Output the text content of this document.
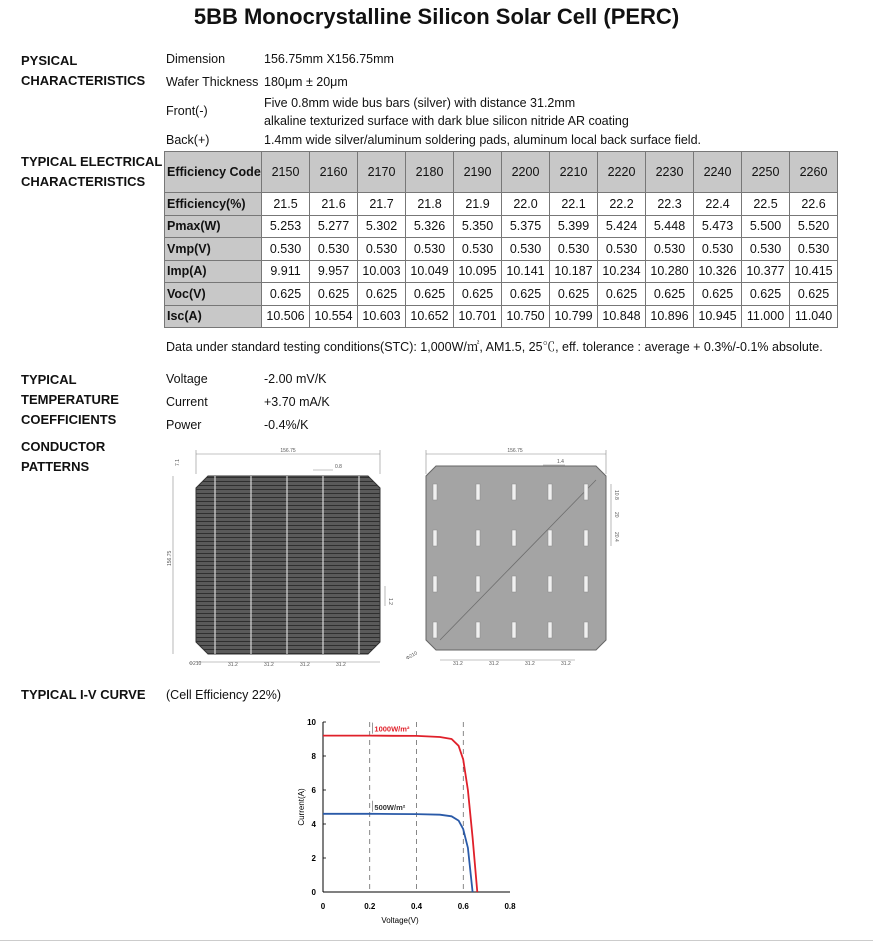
5BB Monocrystalline Silicon Solar Cell (PERC)
PYSICAL
CHARACTERISTICS
Dimension	156.75mm X156.75mm
Wafer Thickness 180μm ± 20μm
Front(-)
Five 0.8mm wide bus bars (silver) with distance 31.2mm
alkaline texturized surface with dark blue silicon nitride AR coating
Back(+)	1.4mm wide silver/aluminum soldering pads, aluminum local back surface field.
TYPICAL ELECTRICAL
CHARACTERISTICS
Efficiency Code	2150	2160	2170	2180	2190	2200	2210	2220	2230	2240	2250	2260
Efficiency(%)	21.5	21.6	21.7	21.8	21.9	22.0	22.1	22.2	22.3	22.4	22.5	22.6
Pmax(W)	5.253	5.277	5.302	5.326	5.350	5.375	5.399	5.424	5.448	5.473	5.500	5.520
Vmp(V)	0.530	0.530	0.530	0.530	0.530	0.530	0.530	0.530	0.530	0.530	0.530	0.530
Imp(A)	9.911	9.957	10.003	10.049	10.095	10.141	10.187	10.234	10.280	10.326	10.377	10.415
Voc(V)	0.625	0.625	0.625	0.625	0.625	0.625	0.625	0.625	0.625	0.625	0.625	0.625
Isc(A)	10.506	10.554	10.603	10.652	10.701	10.750	10.799	10.848	10.896	10.945	11.000	11.040
Data under standard testing conditions(STC): 1,000W/㎡, AM1.5, 25℃, eff. tolerance : average + 0.3%/-0.1% absolute.
TYPICAL
TEMPERATURE
COEFFICIENTS
Voltage	-2.00 mV/K
Current	+3.70 mA/K
Power	-0.4%/K
CONDUCTOR
PATTERNS
156.75
0.8
156.75
7.1
1.2
Φ210	31.2	31.2	31.2	31.2
156.75
1.4
10.8
20
20.4
Φ210
31.2	31.2	31.2	31.2
TYPICAL I-V CURVE (Cell Efficiency 22%)
0	0.2	0.4	0.6	0.8
0
2
4
6
8
10
1000W/m²
500W/m²
Voltage(V)
Current(A)
